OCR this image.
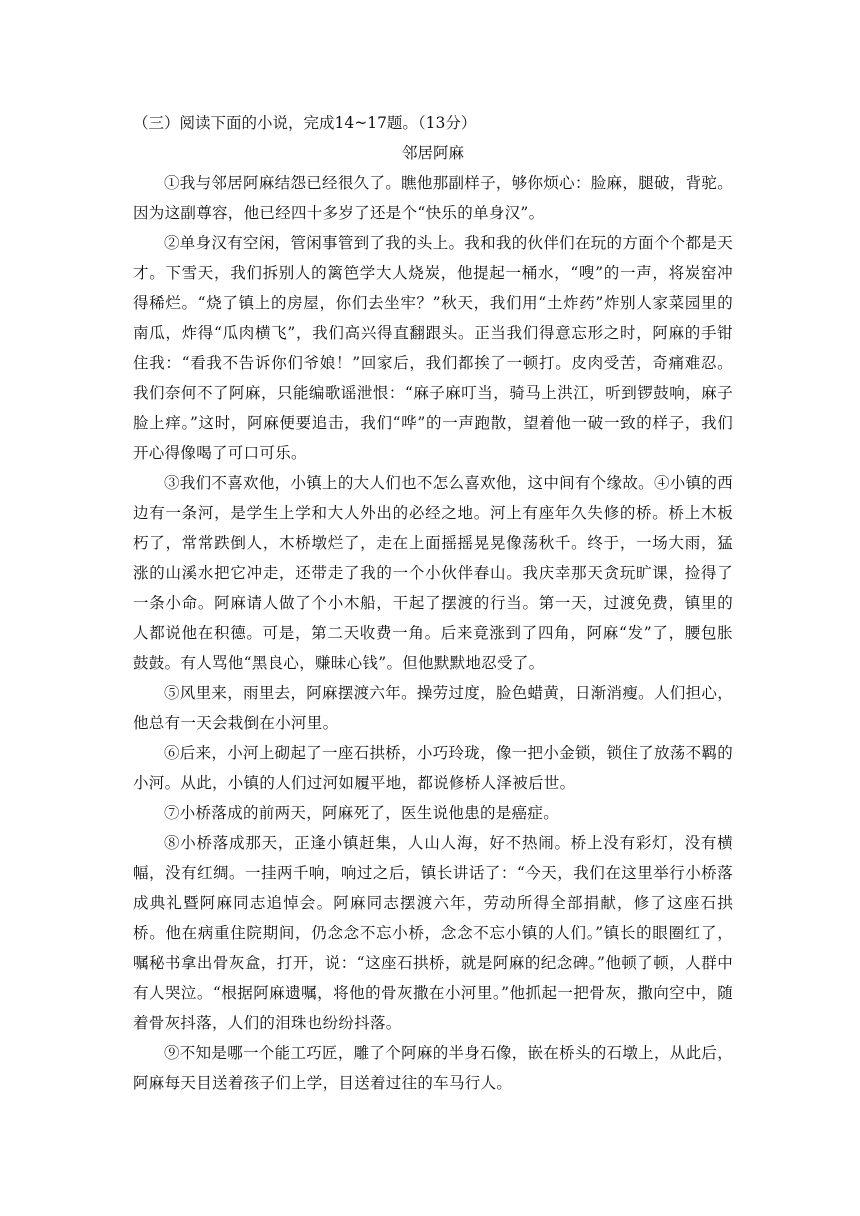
（三）阅读下面的小说，完成14~17题。（13分）
邻居阿麻

①我与邻居阿麻结怨已经很久了。瞧他那副样子，够你烦心：脸麻，腿破，背驼。因为这副尊容，他已经四十多岁了还是个“快乐的单身汉”。

②单身汉有空闲，管闲事管到了我的头上。我和我的伙伴们在玩的方面个个都是天才。下雪天，我们拆别人的篱笆学大人烧炭，他提起一桶水，“嗖”的一声，将炭窑冲得稀烂。“烧了镇上的房屋，你们去坐牢？”秋天，我们用“土炸药”炸别人家菜园里的南瓜，炸得“瓜肉横飞”，我们高兴得直翻跟头。正当我们得意忘形之时，阿麻的手钳住我：“看我不告诉你们爷娘！”回家后，我们都挨了一顿打。皮肉受苦，奇痛难忍。我们奈何不了阿麻，只能编歌谣泄恨：“麻子麻叮当，骑马上洪江，听到锣鼓响，麻子脸上痒。”这时，阿麻便要追击，我们“哗”的一声跑散，望着他一破一致的样子，我们开心得像喝了可口可乐。

③我们不喜欢他，小镇上的大人们也不怎么喜欢他，这中间有个缘故。④小镇的西边有一条河，是学生上学和大人外出的必经之地。河上有座年久失修的桥。桥上木板朽了，常常跌倒人，木桥墩烂了，走在上面摇摇晃晃像荡秋千。终于，一场大雨，猛涨的山溪水把它冲走，还带走了我的一个小伙伴春山。我庆幸那天贪玩旷课，捡得了一条小命。阿麻请人做了个小木船，干起了摆渡的行当。第一天，过渡免费，镇里的人都说他在积德。可是，第二天收费一角。后来竟涨到了四角，阿麻“发”了，腰包胀鼓鼓。有人骂他“黑良心，赚昧心钱”。但他默默地忍受了。

⑤风里来，雨里去，阿麻摆渡六年。操劳过度，脸色蜡黄，日渐消瘦。人们担心，他总有一天会栽倒在小河里。

⑥后来，小河上砌起了一座石拱桥，小巧玲珑，像一把小金锁，锁住了放荡不羁的小河。从此，小镇的人们过河如履平地，都说修桥人泽被后世。

⑦小桥落成的前两天，阿麻死了，医生说他患的是癌症。

⑧小桥落成那天，正逢小镇赶集，人山人海，好不热闹。桥上没有彩灯，没有横幅，没有红绸。一挂两千响，响过之后，镇长讲话了：“今天，我们在这里举行小桥落成典礼暨阿麻同志追悼会。阿麻同志摆渡六年，劳动所得全部捐献，修了这座石拱桥。他在病重住院期间，仍念念不忘小桥，念念不忘小镇的人们。”镇长的眼圈红了，嘱秘书拿出骨灰盒，打开，说：“这座石拱桥，就是阿麻的纪念碑。”他顿了顿，人群中有人哭泣。“根据阿麻遗嘱，将他的骨灰撒在小河里。”他抓起一把骨灰，撒向空中，随着骨灰抖落，人们的泪珠也纷纷抖落。

⑨不知是哪一个能工巧匠，雕了个阿麻的半身石像，嵌在桥头的石墩上，从此后，阿麻每天目送着孩子们上学，目送着过往的车马行人。
